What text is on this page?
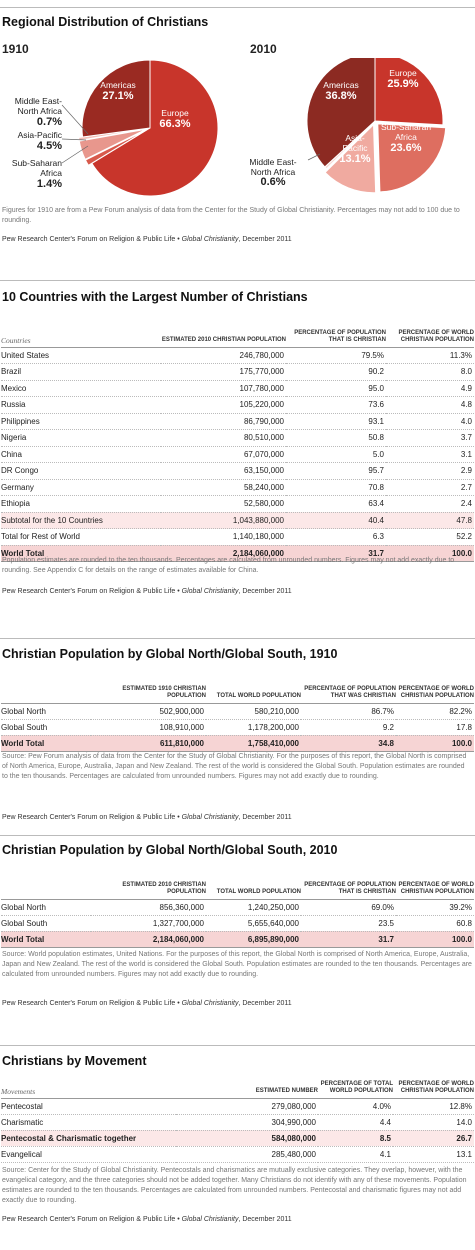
Regional Distribution of Christians
1910	2010
Americas
27.1%
Europe
66.3%
Middle East-
North Africa
0.7%
Asia-Pacific
4.5%
Sub-Saharan
Africa
1.4%
Americas
36.8%
Europe
25.9%
Sub-Saharan
Africa
23.6%
Asia-
Pacific
13.1%
Middle East-
North Africa
0.6%
Figures for 1910 are from a Pew Forum analysis of data from the Center for the Study of Global Christianity. Percentages may not add to 100 due to rounding.
Pew Research Center's Forum on Religion & Public Life • Global Christianity, December 2011
10 Countries with the Largest Number of Christians
Countries	ESTIMATED 2010 CHRISTIAN POPULATION	PERCENTAGE OF POPULATION THAT IS CHRISTIAN	PERCENTAGE OF WORLD CHRISTIAN POPULATION
United States	246,780,000	79.5%	11.3%
Brazil	175,770,000	90.2	8.0
Mexico	107,780,000	95.0	4.9
Russia	105,220,000	73.6	4.8
Philippines	86,790,000	93.1	4.0
Nigeria	80,510,000	50.8	3.7
China	67,070,000	5.0	3.1
DR Congo	63,150,000	95.7	2.9
Germany	58,240,000	70.8	2.7
Ethiopia	52,580,000	63.4	2.4
Subtotal for the 10 Countries	1,043,880,000	40.4	47.8
Total for Rest of World	1,140,180,000	6.3	52.2
World Total	2,184,060,000	31.7	100.0
Population estimates are rounded to the ten thousands. Percentages are calculated from unrounded numbers. Figures may not add exactly due to rounding. See Appendix C for details on the range of estimates available for China.
Pew Research Center's Forum on Religion & Public Life • Global Christianity, December 2011
Christian Population by Global North/Global South, 1910
	ESTIMATED 1910 CHRISTIAN POPULATION	TOTAL WORLD POPULATION	PERCENTAGE OF POPULATION THAT WAS CHRISTIAN	PERCENTAGE OF WORLD CHRISTIAN POPULATION
Global North	502,900,000	580,210,000	86.7%	82.2%
Global South	108,910,000	1,178,200,000	9.2	17.8
World Total	611,810,000	1,758,410,000	34.8	100.0
Source: Pew Forum analysis of data from the Center for the Study of Global Christianity. For the purposes of this report, the Global North is comprised of North America, Europe, Australia, Japan and New Zealand. The rest of the world is considered the Global South. Population estimates are rounded to the ten thousands. Percentages are calculated from unrounded numbers. Figures may not add exactly due to rounding.
Pew Research Center's Forum on Religion & Public Life • Global Christianity, December 2011
Christian Population by Global North/Global South, 2010
	ESTIMATED 2010 CHRISTIAN POPULATION	TOTAL WORLD POPULATION	PERCENTAGE OF POPULATION THAT IS CHRISTIAN	PERCENTAGE OF WORLD CHRISTIAN POPULATION
Global North	856,360,000	1,240,250,000	69.0%	39.2%
Global South	1,327,700,000	5,655,640,000	23.5	60.8
World Total	2,184,060,000	6,895,890,000	31.7	100.0
Source: World population estimates, United Nations. For the purposes of this report, the Global North is comprised of North America, Europe, Australia, Japan and New Zealand. The rest of the world is considered the Global South. Population estimates are rounded to the ten thousands. Percentages are calculated from unrounded numbers. Figures may not add exactly due to rounding.
Pew Research Center's Forum on Religion & Public Life • Global Christianity, December 2011
Christians by Movement
Movements	ESTIMATED NUMBER	PERCENTAGE OF TOTAL WORLD POPULATION	PERCENTAGE OF WORLD CHRISTIAN POPULATION
Pentecostal	279,080,000	4.0%	12.8%
Charismatic	304,990,000	4.4	14.0
Pentecostal & Charismatic together	584,080,000	8.5	26.7
Evangelical	285,480,000	4.1	13.1
Source: Center for the Study of Global Christianity. Pentecostals and charismatics are mutually exclusive categories. They overlap, however, with the evangelical category, and the three categories should not be added together. Many Christians do not identify with any of these movements. Population estimates are rounded to the ten thousands. Percentages are calculated from unrounded numbers. Pentecostal and charismatic figures may not add exactly due to rounding.
Pew Research Center's Forum on Religion & Public Life • Global Christianity, December 2011
